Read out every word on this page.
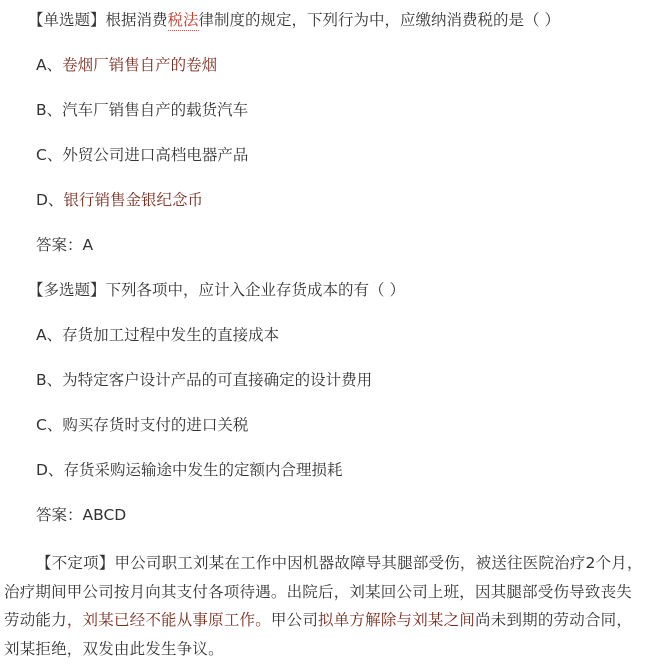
【单选题】根据消费税法律制度的规定，下列行为中，应缴纳消费税的是（ ）
A、卷烟厂销售自产的卷烟
B、汽车厂销售自产的载货汽车
C、外贸公司进口高档电器产品
D、银行销售金银纪念币
答案：A
【多选题】下列各项中，应计入企业存货成本的有（ ）
A、存货加工过程中发生的直接成本
B、为特定客户设计产品的可直接确定的设计费用
C、购买存货时支付的进口关税
D、存货采购运输途中发生的定额内合理损耗
答案：ABCD
【不定项】甲公司职工刘某在工作中因机器故障导其腿部受伤，被送往医院治疗2个月，治疗期间甲公司按月向其支付各项待遇。出院后，刘某回公司上班，因其腿部受伤导致丧失劳动能力，刘某已经不能从事原工作。甲公司拟单方解除与刘某之间尚未到期的劳动合同，刘某拒绝，双发由此发生争议。
